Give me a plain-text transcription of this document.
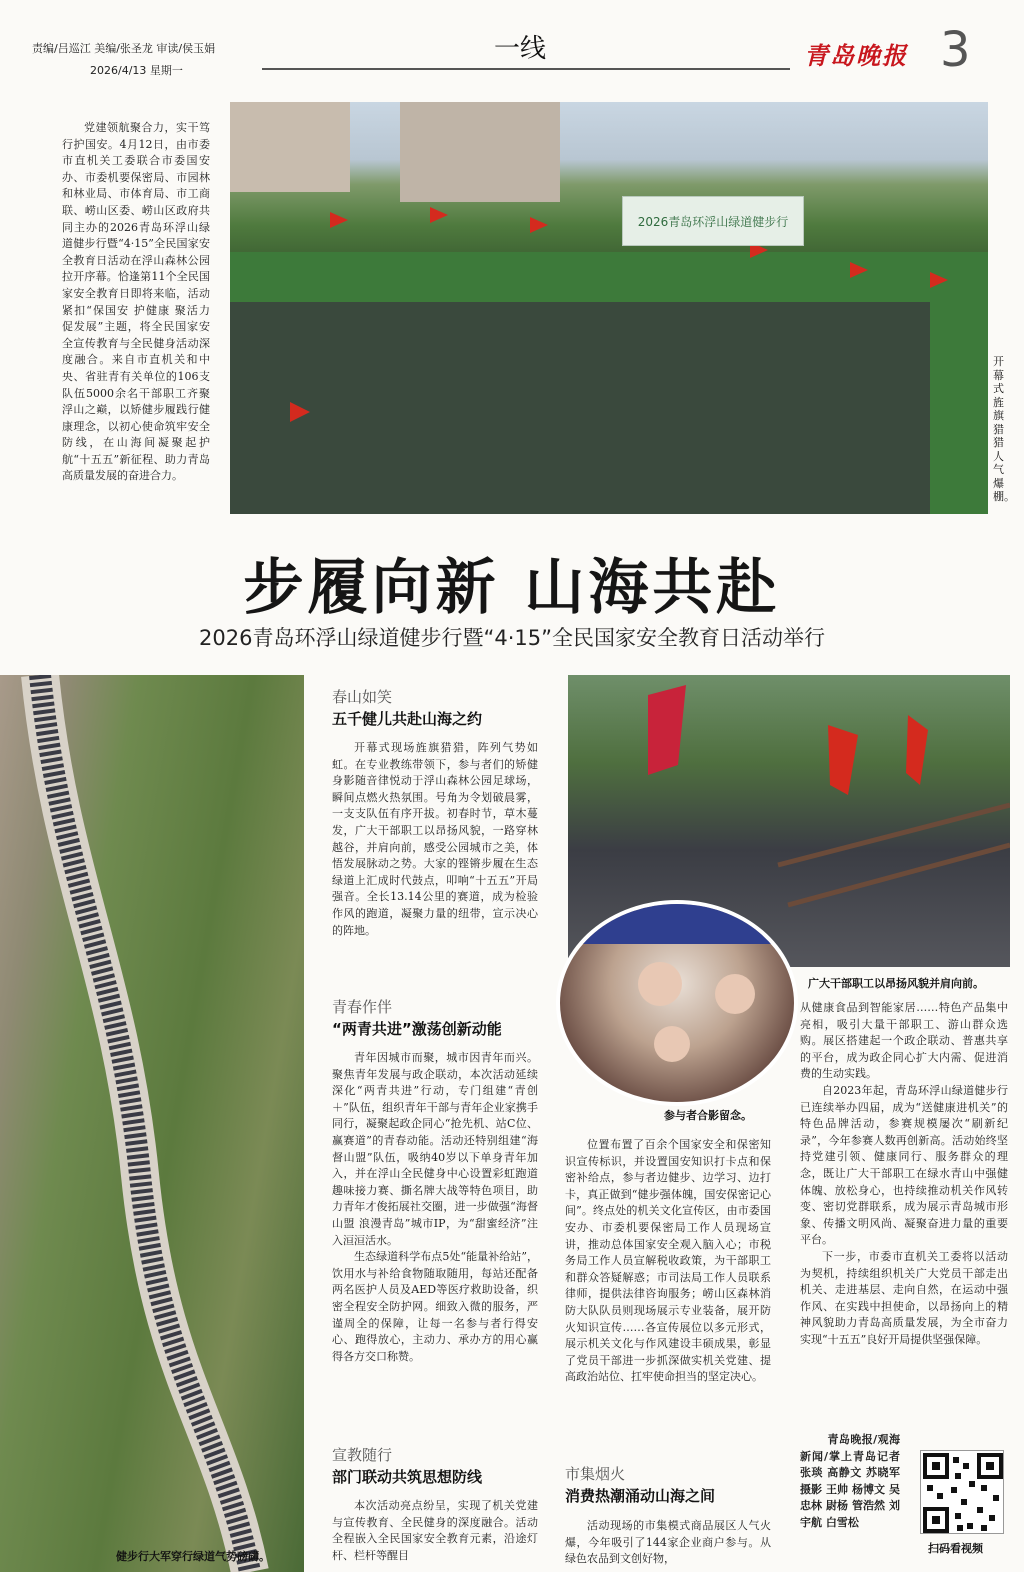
责编/吕巡江 美编/张圣龙 审读/侯玉娟
2026/4/13 星期一
一线	青岛晚报 3

党建领航聚合力，实干笃行护国安。4月12日，由市委市直机关工委联合市委国安办、市委机要保密局、市园林和林业局、市体育局、市工商联、崂山区委、崂山区政府共同主办的2026青岛环浮山绿道健步行暨“4·15”全民国家安全教育日活动在浮山森林公园拉开序幕。恰逢第11个全民国家安全教育日即将来临，活动紧扣“保国安 护健康 聚活力 促发展”主题，将全民国家安全宣传教育与全民健身活动深度融合。来自市直机关和中央、省驻青有关单位的106支队伍5000余名干部职工齐聚浮山之巅，以矫健步履践行健康理念，以初心使命筑牢安全防线，在山海间凝聚起护航“十五五”新征程、助力青岛高质量发展的奋进合力。

2026青岛环浮山绿道健步行
开幕式旌旗猎猎人气爆棚。
步履向新 山海共赴
2026青岛环浮山绿道健步行暨“4·15”全民国家安全教育日活动举行
健步行大军穿行绿道气势磅礴。
春山如笑
五千健儿共赴山海之约

开幕式现场旌旗猎猎，阵列气势如虹。在专业教练带领下，参与者们的矫健身影随音律悦动于浮山森林公园足球场，瞬间点燃火热氛围。号角为令划破晨雾，一支支队伍有序开拔。初春时节，草木蔓发，广大干部职工以昂扬风貌，一路穿林越谷，并肩向前，感受公园城市之美，体悟发展脉动之势。大家的铿锵步履在生态绿道上汇成时代鼓点，叩响“十五五”开局强音。全长13.14公里的赛道，成为检验作风的跑道，凝聚力量的纽带，宣示决心的阵地。

青春作伴
“两青共进”激荡创新动能

青年因城市而聚，城市因青年而兴。聚焦青年发展与政企联动，本次活动延续深化“两青共进”行动，专门组建“青创＋”队伍，组织青年干部与青年企业家携手同行，凝聚起政企同心“抢先机、站C位、赢赛道”的青春动能。活动还特别组建“海督山盟”队伍，吸纳40岁以下单身青年加入，并在浮山全民健身中心设置彩虹跑道趣味接力赛、撕名牌大战等特色项目，助力青年才俊拓展社交圈，进一步做强“海督山盟 浪漫青岛”城市IP，为“甜蜜经济”注入洹洹活水。

生态绿道科学布点5处“能量补给站”，饮用水与补给食物随取随用，每站还配备两名医护人员及AED等医疗救助设备，织密全程安全防护网。细致入微的服务，严谨周全的保障，让每一名参与者行得安心、跑得放心，主动力、承办方的用心赢得各方交口称赞。

宣教随行
部门联动共筑思想防线

本次活动亮点纷呈，实现了机关党建与宣传教育、全民健身的深度融合。活动全程嵌入全民国家安全教育元素，沿途灯杆、栏杆等醒目

广大干部职工以昂扬风貌并肩向前。
参与者合影留念。

位置布置了百余个国家安全和保密知识宣传标识，并设置国安知识打卡点和保密补给点，参与者边健步、边学习、边打卡，真正做到“健步强体魄，国安保密记心间”。终点处的机关文化宣传区，由市委国安办、市委机要保密局工作人员现场宣讲，推动总体国家安全观入脑入心；市税务局工作人员宣解税收政策，为干部职工和群众答疑解惑；市司法局工作人员联系律师，提供法律咨询服务；崂山区森林消防大队队员则现场展示专业装备，展开防火知识宣传……各宣传展位以多元形式，展示机关文化与作风建设丰硕成果，彰显了党员干部进一步抓深做实机关党建、提高政治站位、扛牢使命担当的坚定决心。

市集烟火
消费热潮涌动山海之间

活动现场的市集模式商品展区人气火爆，今年吸引了144家企业商户参与。从绿色农品到文创好物，

从健康食品到智能家居……特色产品集中亮相，吸引大量干部职工、游山群众选购。展区搭建起一个政企联动、普惠共享的平台，成为政企同心扩大内需、促进消费的生动实践。

自2023年起，青岛环浮山绿道健步行已连续举办四届，成为“送健康进机关”的特色品牌活动，参赛规模屡次“刷新纪录”，今年参赛人数再创新高。活动始终坚持党建引领、健康同行、服务群众的理念，既让广大干部职工在绿水青山中强健体魄、放松身心，也持续推动机关作风转变、密切党群联系，成为展示青岛城市形象、传播文明风尚、凝聚奋进力量的重要平台。

下一步，市委市直机关工委将以活动为契机，持续组织机关广大党员干部走出机关、走进基层、走向自然，在运动中强作风、在实践中担使命，以昂扬向上的精神风貌助力青岛高质量发展，为全市奋力实现“十五五”良好开局提供坚强保障。

青岛晚报/观海新闻/掌上青岛记者 张琰 高静文 苏晓军 摄影 王帅 杨博文 吴忠林 尉杨 管浩然 刘宇航 白雪松
扫码看视频
